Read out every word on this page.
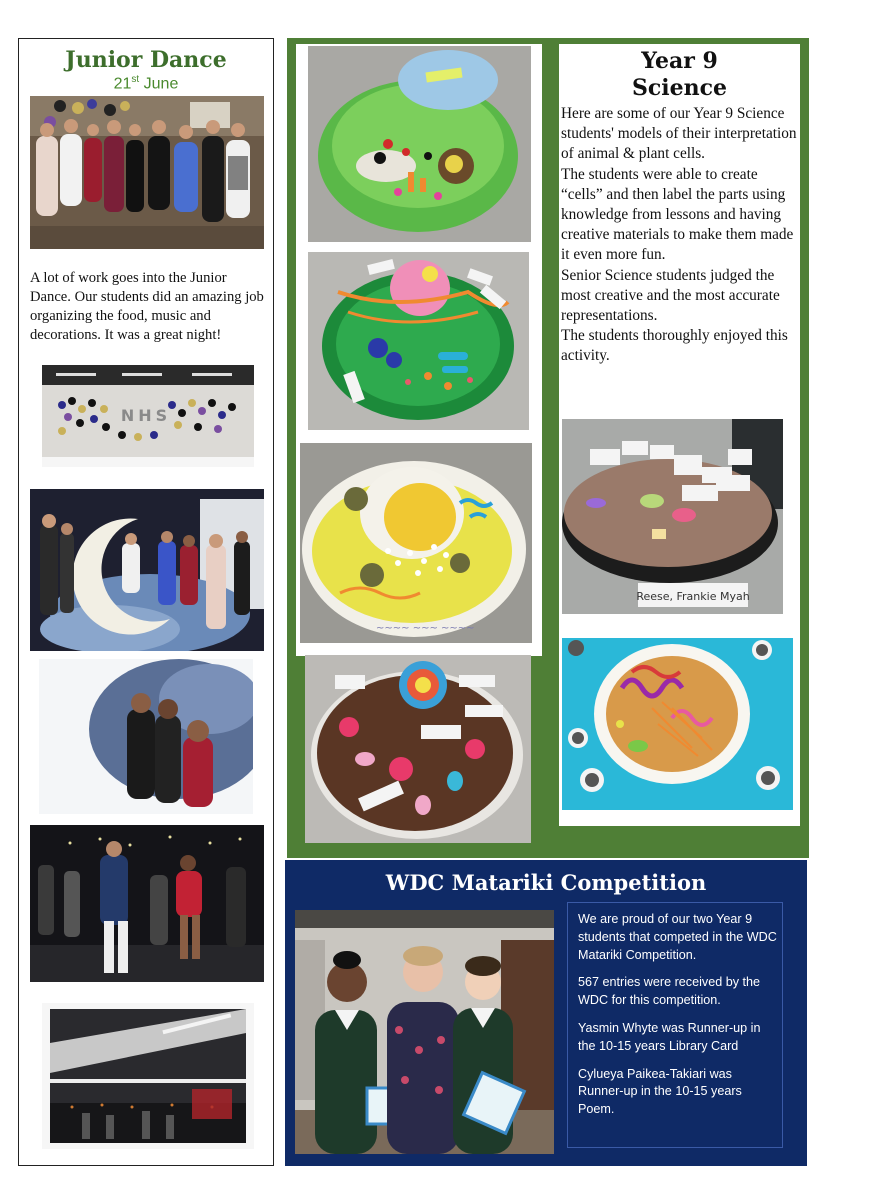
Junior Dance
21st June
A lot of work goes into the Junior Dance. Our students did an amazing job organizing the food, music and decorations. It was a great night!
NHS
~~~~ ~~~ ~~~~
Year 9
Science

Here are some of our Year 9 Science students' models of their interpretation of animal & plant cells.

The students were able to create “cells” and then label the parts using knowledge from lessons and having creative materials to make them made it even more fun.

Senior Science students judged the most creative and the most accurate representations.

The students thoroughly enjoyed this activity.

Reese, Frankie Myah
WDC Matariki Competition

We are proud of our two Year 9 students that competed in the WDC Matariki Competition.

567 entries were received by the WDC for this competition.

Yasmin Whyte was Runner-up in the 10-15 years Library Card

Cylueya Paikea-Takiari was Runner-up in the 10-15 years Poem.
